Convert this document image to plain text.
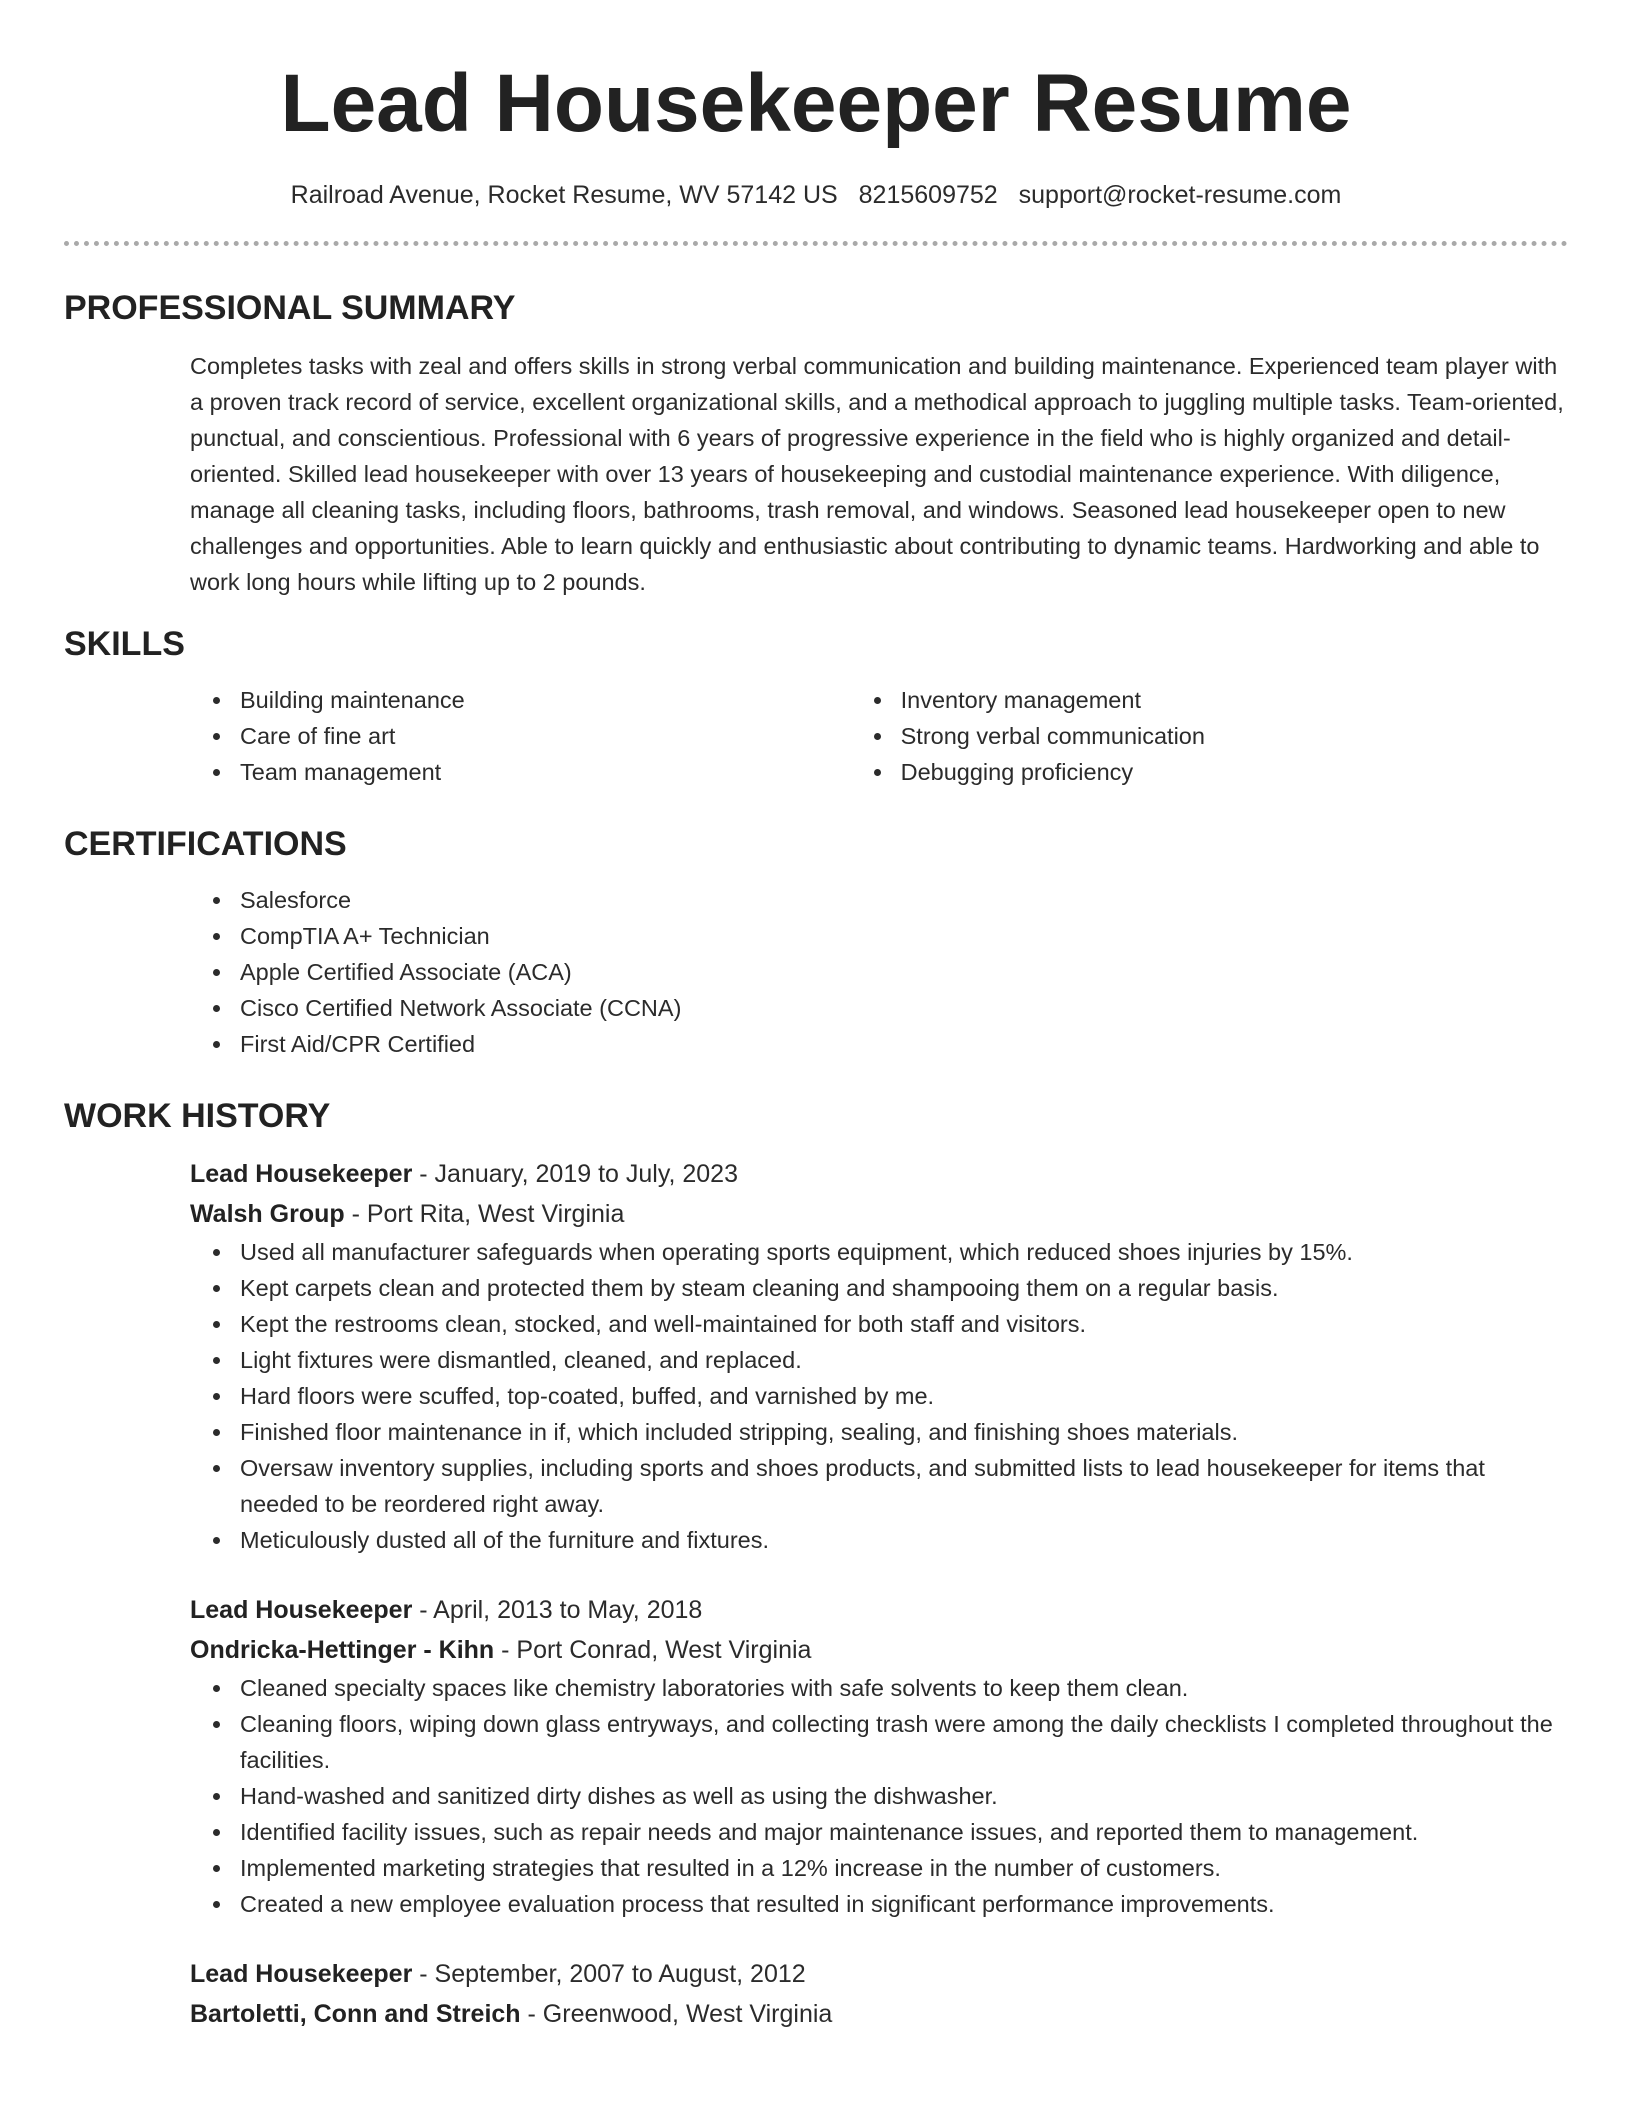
Lead Housekeeper Resume
Railroad Avenue, Rocket Resume, WV 57142 US 8215609752 support@rocket-resume.com
PROFESSIONAL SUMMARY

Completes tasks with zeal and offers skills in strong verbal communication and building maintenance. Experienced team player with a proven track record of service, excellent organizational skills, and a methodical approach to juggling multiple tasks. Team-oriented, punctual, and conscientious. Professional with 6 years of progressive experience in the field who is highly organized and detail-oriented. Skilled lead housekeeper with over 13 years of housekeeping and custodial maintenance experience. With diligence, manage all cleaning tasks, including floors, bathrooms, trash removal, and windows. Seasoned lead housekeeper open to new challenges and opportunities. Able to learn quickly and enthusiastic about contributing to dynamic teams. Hardworking and able to work long hours while lifting up to 2 pounds.

SKILLS
• Building maintenance
• Care of fine art
• Team management
• Inventory management
• Strong verbal communication
• Debugging proficiency
CERTIFICATIONS
• Salesforce
• CompTIA A+ Technician
• Apple Certified Associate (ACA)
• Cisco Certified Network Associate (CCNA)
• First Aid/CPR Certified
WORK HISTORY
Lead Housekeeper - January, 2019 to July, 2023
Walsh Group - Port Rita, West Virginia
• Used all manufacturer safeguards when operating sports equipment, which reduced shoes injuries by 15%.
• Kept carpets clean and protected them by steam cleaning and shampooing them on a regular basis.
• Kept the restrooms clean, stocked, and well-maintained for both staff and visitors.
• Light fixtures were dismantled, cleaned, and replaced.
• Hard floors were scuffed, top-coated, buffed, and varnished by me.
• Finished floor maintenance in if, which included stripping, sealing, and finishing shoes materials.
• Oversaw inventory supplies, including sports and shoes products, and submitted lists to lead housekeeper for items that needed to be reordered right away.
• Meticulously dusted all of the furniture and fixtures.
Lead Housekeeper - April, 2013 to May, 2018
Ondricka-Hettinger - Kihn - Port Conrad, West Virginia
• Cleaned specialty spaces like chemistry laboratories with safe solvents to keep them clean.
• Cleaning floors, wiping down glass entryways, and collecting trash were among the daily checklists I completed throughout the facilities.
• Hand-washed and sanitized dirty dishes as well as using the dishwasher.
• Identified facility issues, such as repair needs and major maintenance issues, and reported them to management.
• Implemented marketing strategies that resulted in a 12% increase in the number of customers.
• Created a new employee evaluation process that resulted in significant performance improvements.
Lead Housekeeper - September, 2007 to August, 2012
Bartoletti, Conn and Streich - Greenwood, West Virginia
